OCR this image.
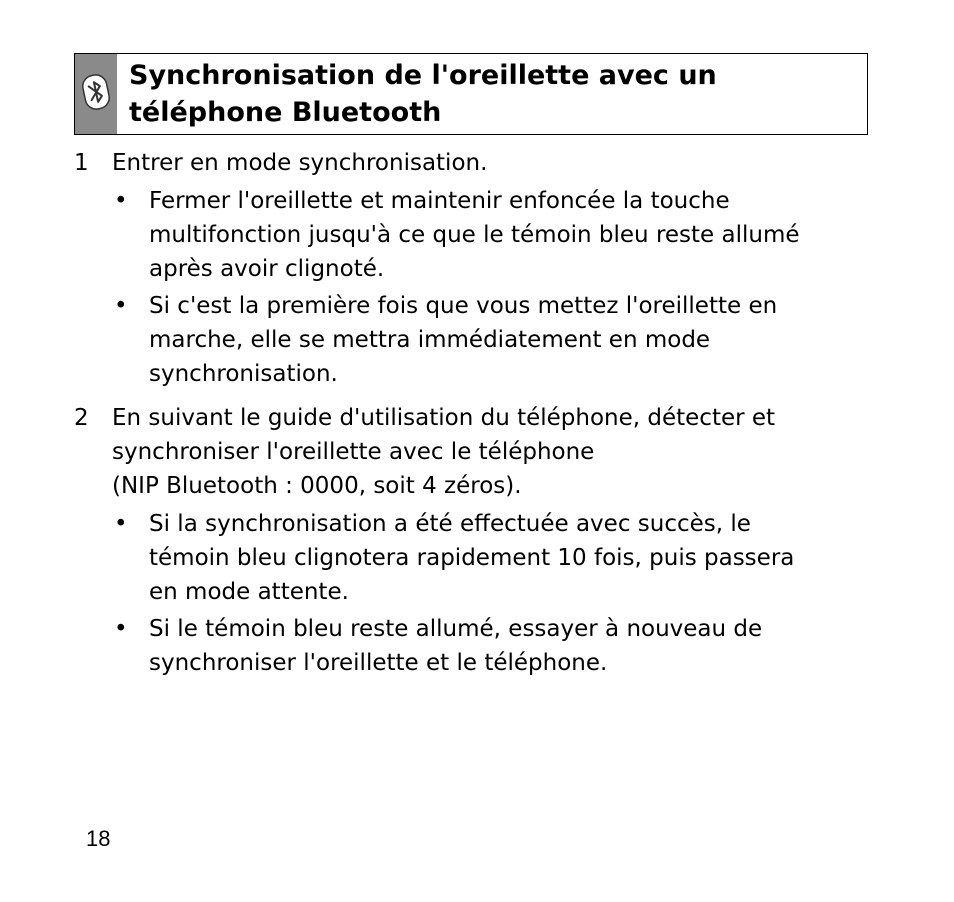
Synchronisation de l'oreillette avec un
téléphone Bluetooth
1 Entrer en mode synchronisation.
• Fermer l'oreillette et maintenir enfoncée la touche
multifonction jusqu'à ce que le témoin bleu reste allumé
après avoir clignoté.
• Si c'est la première fois que vous mettez l'oreillette en
marche, elle se mettra immédiatement en mode
synchronisation.
2 En suivant le guide d'utilisation du téléphone, détecter et
synchroniser l'oreillette avec le téléphone
(NIP Bluetooth : 0000, soit 4 zéros).
• Si la synchronisation a été effectuée avec succès, le
témoin bleu clignotera rapidement 10 fois, puis passera
en mode attente.
• Si le témoin bleu reste allumé, essayer à nouveau de
synchroniser l'oreillette et le téléphone.
18
